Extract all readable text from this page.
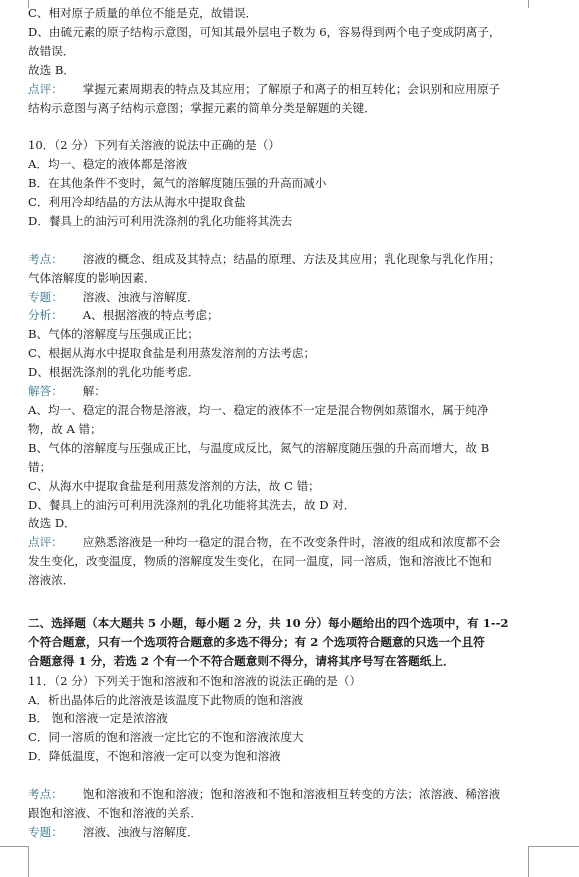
C、相对原子质量的单位不能是克，故错误．
D、由硫元素的原子结构示意图，可知其最外层电子数为 6，容易得到两个电子变成阴离子，
故错误．
故选 B．
点评： 掌握元素周期表的特点及其应用；了解原子和离子的相互转化；会识别和应用原子
结构示意图与离子结构示意图；掌握元素的简单分类是解题的关键．
10．（2 分）下列有关溶液的说法中正确的是（）
A．均一、稳定的液体都是溶液
B．在其他条件不变时，氮气的溶解度随压强的升高而减小
C．利用冷却结晶的方法从海水中提取食盐
D．餐具上的油污可利用洗涤剂的乳化功能将其洗去
考点： 溶液的概念、组成及其特点；结晶的原理、方法及其应用；乳化现象与乳化作用；
气体溶解度的影响因素．
专题： 溶液、浊液与溶解度．
分析： A、根据溶液的特点考虑；
B、气体的溶解度与压强成正比；
C、根据从海水中提取食盐是利用蒸发溶剂的方法考虑；
D、根据洗涤剂的乳化功能考虑．
解答： 解：
A、均一、稳定的混合物是溶液，均一、稳定的液体不一定是混合物例如蒸馏水，属于纯净
物，故 A 错；
B、气体的溶解度与压强成正比，与温度成反比，氮气的溶解度随压强的升高而增大，故 B
错；
C、从海水中提取食盐是利用蒸发溶剂的方法，故 C 错；
D、餐具上的油污可利用洗涤剂的乳化功能将其洗去，故 D 对．
故选 D．
点评： 应熟悉溶液是一种均一稳定的混合物，在不改变条件时，溶液的组成和浓度都不会
发生变化，改变温度，物质的溶解度发生变化，在同一温度，同一溶质，饱和溶液比不饱和
溶液浓．
二、选择题（本大题共 5 小题，每小题 2 分，共 10 分）每小题给出的四个选项中，有 1--2
个符合题意，只有一个选项符合题意的多选不得分；有 2 个选项符合题意的只选一个且符
合题意得 1 分，若选 2 个有一个不符合题意则不得分，请将其序号写在答题纸上．
11．（2 分）下列关于饱和溶液和不饱和溶液的说法正确的是（）
A．析出晶体后的此溶液是该温度下此物质的饱和溶液
B． 饱和溶液一定是浓溶液
C．同一溶质的饱和溶液一定比它的不饱和溶液浓度大
D．降低温度，不饱和溶液一定可以变为饱和溶液
考点： 饱和溶液和不饱和溶液；饱和溶液和不饱和溶液相互转变的方法；浓溶液、稀溶液
跟饱和溶液、不饱和溶液的关系．
专题： 溶液、浊液与溶解度．
